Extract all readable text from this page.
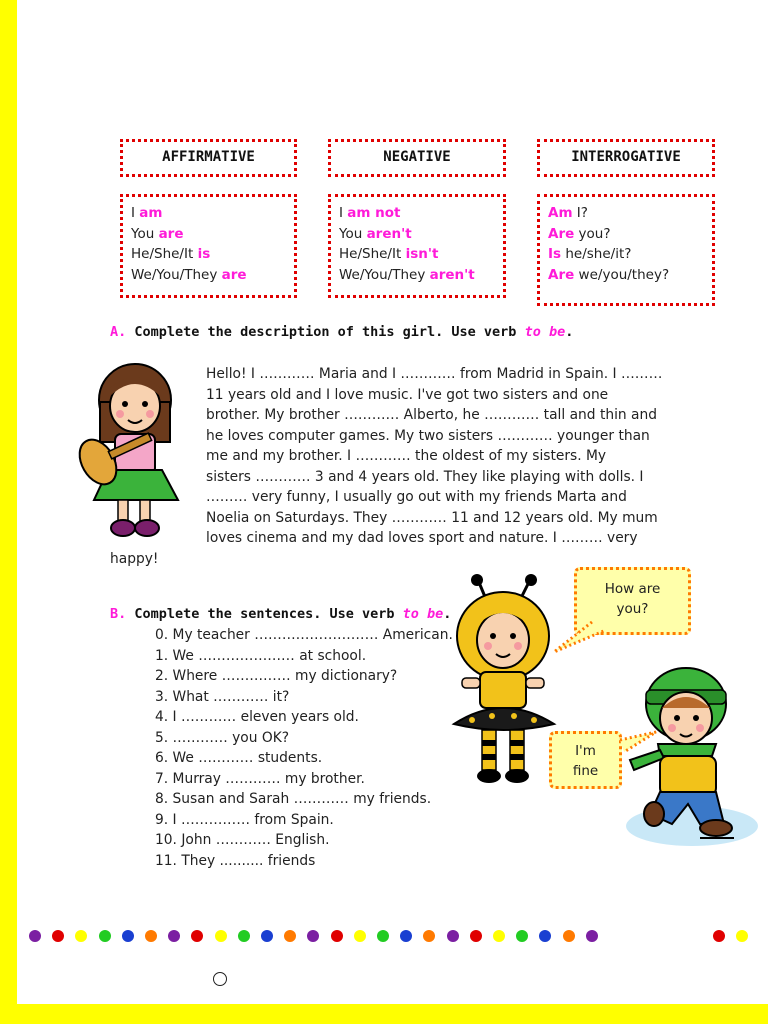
AFFIRMATIVE	NEGATIVE	INTERROGATIVE
I am
You are
He/She/It is
We/You/They are
I am not
You aren't
He/She/It isn't
We/You/They aren't
Am I?
Are you?
Is he/she/it?
Are we/you/they?
A. Complete the description of this girl. Use verb to be.
Hello! I ………… Maria and I ………… from Madrid in Spain. I ………
11 years old and I love music. I've got two sisters and one
brother. My brother ………… Alberto, he ………… tall and thin and
he loves computer games. My two sisters ………… younger than
me and my brother. I ………… the oldest of my sisters. My
sisters ………… 3 and 4 years old. They like playing with dolls. I
……… very funny, I usually go out with my friends Marta and
Noelia on Saturdays. They ………… 11 and 12 years old. My mum
loves cinema and my dad loves sport and nature. I ……… very
happy!
B. Complete the sentences. Use verb to be.
0. My teacher ……………………… American.
1. We ………………… at school.
2. Where …………… my dictionary?
3. What ………… it?
4. I ………… eleven years old.
5. ………… you OK?
6. We ………… students.
7. Murray ………… my brother.
8. Susan and Sarah ………… my friends.
9. I …………… from Spain.
10. John ………… English.
11. They .......... friends
How are
you?
I'm
fine
